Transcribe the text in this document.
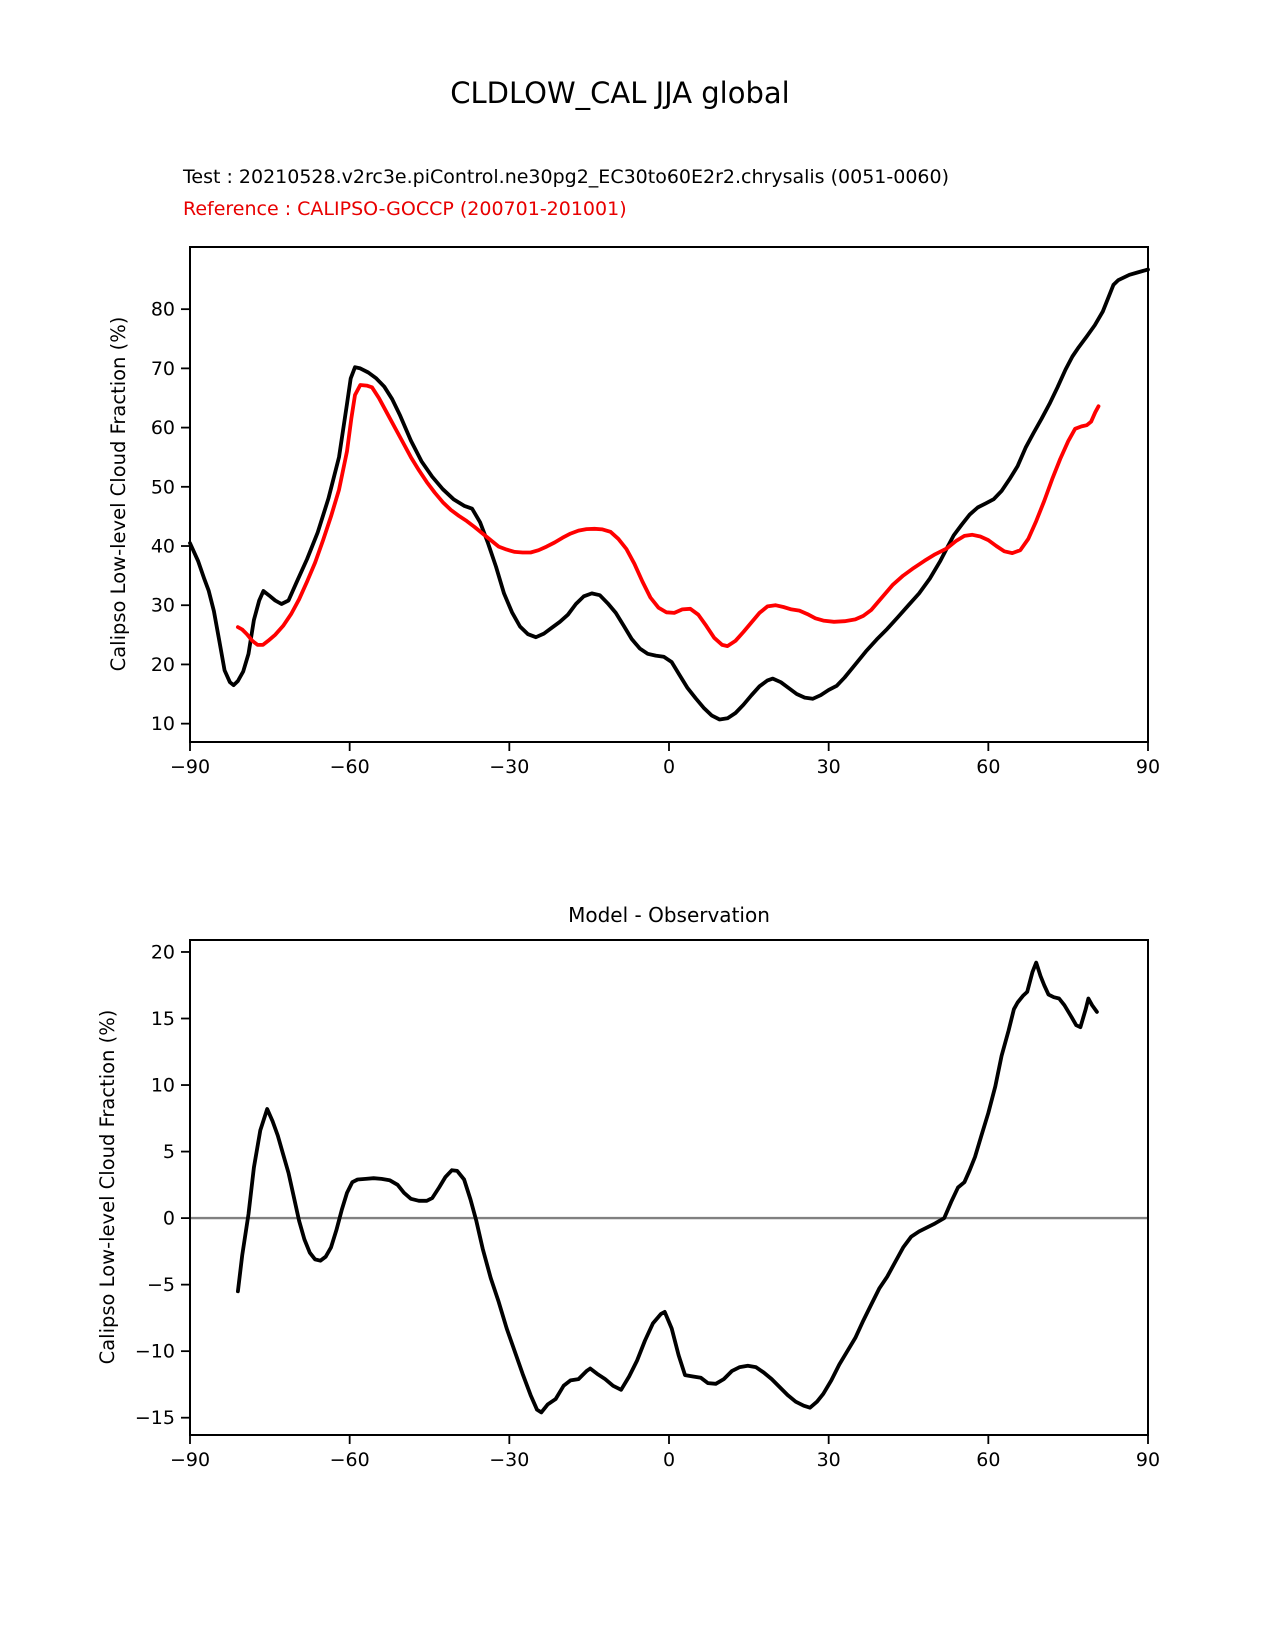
CLDLOW_CAL JJA global
Test : 20210528.v2rc3e.piControl.ne30pg2_EC30to60E2r2.chrysalis (0051-0060)
Reference : CALIPSO-GOCCP (200701-201001)
Calipso Low-level Cloud Fraction (%)
Calipso Low-level Cloud Fraction (%)
Model - Observation
−90	−60	−30	0	30	60	90
10
20
30
40
50
60
70
80
−90	−60	−30	0	30	60	90
−15
−10
−5
0
5
10
15
20
